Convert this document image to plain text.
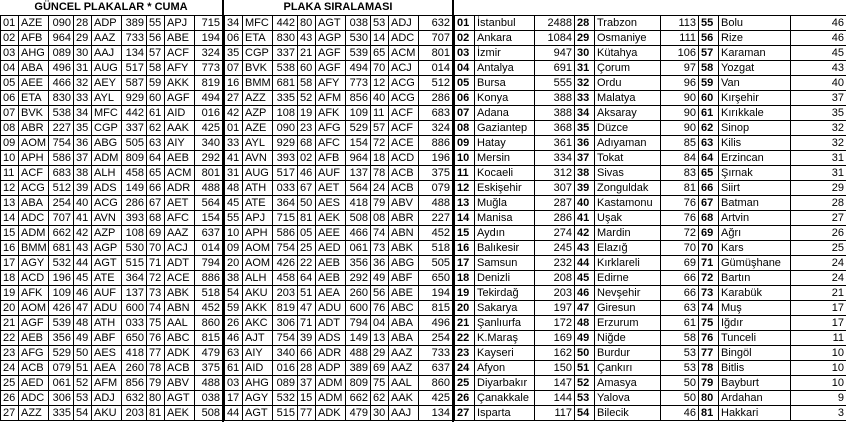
GÜNCEL PLAKALAR * CUMA	PLAKA SIRALAMASI
01	AZE	090	28	ADP	389	55	APJ	715
02	AFB	964	29	AAZ	733	56	ABE	194
03	AHG	089	30	AAJ	134	57	ACF	324
04	ABA	496	31	AUG	517	58	AFY	773
05	AEE	466	32	AEY	587	59	AKK	819
06	ETA	830	33	AYL	929	60	AGF	494
07	BVK	538	34	MFC	442	61	AID	016
08	ABR	227	35	CGP	337	62	AAK	425
09	AOM	754	36	ABG	505	63	AIY	340
10	APH	586	37	ADM	809	64	AEB	292
11	ACF	683	38	ALH	458	65	ACM	801
12	ACG	512	39	ADS	149	66	ADR	488
13	ABA	254	40	ACG	286	67	AET	564
14	ADC	707	41	AVN	393	68	AFC	154
15	ADM	662	42	AZP	108	69	AAZ	637
16	BMM	681	43	AGP	530	70	ACJ	014
17	AGY	532	44	AGT	515	71	ADT	794
18	ACD	196	45	ATE	364	72	ACE	886
19	AFK	109	46	AUF	137	73	ABK	518
20	AOM	426	47	ADU	600	74	ABN	452
21	AGF	539	48	ATH	033	75	AAL	860
22	AEB	356	49	ABF	650	76	ABC	815
23	AFG	529	50	AES	418	77	ADK	479
24	ACB	079	51	AEA	260	78	ACB	375
25	AED	061	52	AFM	856	79	ABV	488
26	ADC	306	53	ADJ	632	80	AGT	038
27	AZZ	335	54	AKU	203	81	AEK	508
34	MFC	442	80	AGT	038	53	ADJ	632
06	ETA	830	43	AGP	530	14	ADC	707
35	CGP	337	21	AGF	539	65	ACM	801
07	BVK	538	60	AGF	494	70	ACJ	014
16	BMM	681	58	AFY	773	12	ACG	512
27	AZZ	335	52	AFM	856	40	ACG	286
42	AZP	108	19	AFK	109	11	ACF	683
01	AZE	090	23	AFG	529	57	ACF	324
33	AYL	929	68	AFC	154	72	ACE	886
41	AVN	393	02	AFB	964	18	ACD	196
31	AUG	517	46	AUF	137	78	ACB	375
48	ATH	033	67	AET	564	24	ACB	079
45	ATE	364	50	AES	418	79	ABV	488
55	APJ	715	81	AEK	508	08	ABR	227
10	APH	586	05	AEE	466	74	ABN	452
09	AOM	754	25	AED	061	73	ABK	518
20	AOM	426	22	AEB	356	36	ABG	505
38	ALH	458	64	AEB	292	49	ABF	650
54	AKU	203	51	AEA	260	56	ABE	194
59	AKK	819	47	ADU	600	76	ABC	815
26	AKC	306	71	ADT	794	04	ABA	496
46	AJT	754	39	ADS	149	13	ABA	254
63	AIY	340	66	ADR	488	29	AAZ	733
61	AID	016	28	ADP	389	69	AAZ	637
03	AHG	089	37	ADM	809	75	AAL	860
17	AGY	532	15	ADM	662	62	AAK	425
44	AGT	515	77	ADK	479	30	AAJ	134
01	İstanbul	2488	28	Trabzon	113	55	Bolu	46
02	Ankara	1084	29	Osmaniye	111	56	Rize	46
03	İzmir	947	30	Kütahya	106	57	Karaman	45
04	Antalya	691	31	Çorum	97	58	Yozgat	43
05	Bursa	555	32	Ordu	96	59	Van	40
06	Konya	388	33	Malatya	90	60	Kırşehir	37
07	Adana	388	34	Aksaray	90	61	Kırıkkale	35
08	Gaziantep	368	35	Düzce	90	62	Sinop	32
09	Hatay	361	36	Adıyaman	85	63	Kilis	32
10	Mersin	334	37	Tokat	84	64	Erzincan	31
11	Kocaeli	312	38	Sivas	83	65	Şırnak	31
12	Eskişehir	307	39	Zonguldak	81	66	Siirt	29
13	Muğla	287	40	Kastamonu	76	67	Batman	28
14	Manisa	286	41	Uşak	76	68	Artvin	27
15	Aydın	274	42	Mardin	72	69	Ağrı	26
16	Balıkesir	245	43	Elazığ	70	70	Kars	25
17	Samsun	232	44	Kırklareli	69	71	Gümüşhane	24
18	Denizli	208	45	Edirne	66	72	Bartın	24
19	Tekirdağ	203	46	Nevşehir	66	73	Karabük	21
20	Sakarya	197	47	Giresun	63	74	Muş	17
21	Şanlıurfa	172	48	Erzurum	61	75	Iğdır	17
22	K.Maraş	169	49	Niğde	58	76	Tunceli	11
23	Kayseri	162	50	Burdur	53	77	Bingöl	10
24	Afyon	150	51	Çankırı	53	78	Bitlis	10
25	Diyarbakır	147	52	Amasya	50	79	Bayburt	10
26	Çanakkale	144	53	Yalova	50	80	Ardahan	9
27	Isparta	117	54	Bilecik	46	81	Hakkari	3
